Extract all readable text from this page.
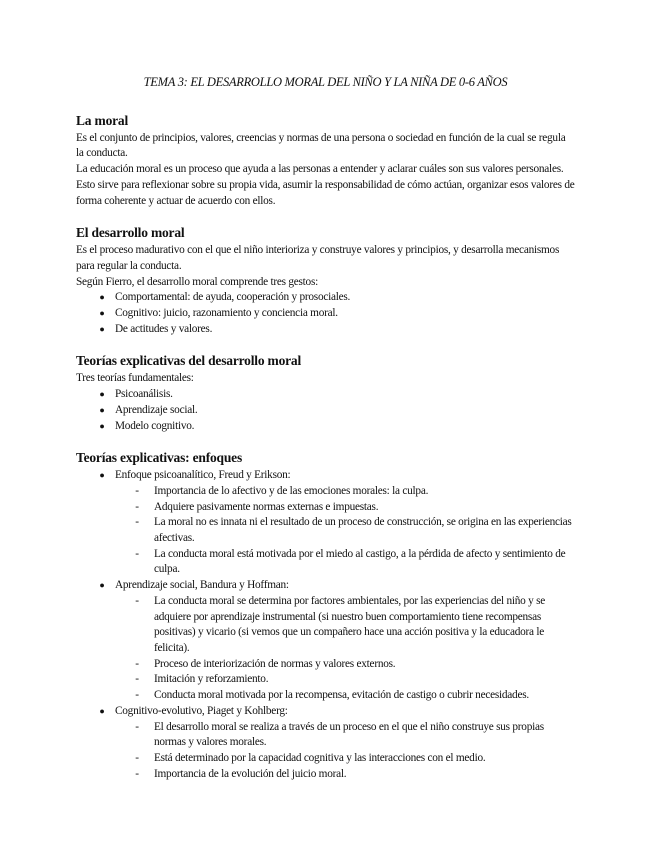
TEMA 3: EL DESARROLLO MORAL DEL NIÑO Y LA NIÑA DE 0-6 AÑOS

La moral

Es el conjunto de principios, valores, creencias y normas de una persona o sociedad en función de la cual se regula la conducta.

La educación moral es un proceso que ayuda a las personas a entender y aclarar cuáles son sus valores personales. Esto sirve para reflexionar sobre su propia vida, asumir la responsabilidad de cómo actúan, organizar esos valores de forma coherente y actuar de acuerdo con ellos.

El desarrollo moral

Es el proceso madurativo con el que el niño interioriza y construye valores y principios, y desarrolla mecanismos para regular la conducta.

Según Fierro, el desarrollo moral comprende tres gestos:

● Comportamental: de ayuda, cooperación y prosociales.
● Cognitivo: juicio, razonamiento y conciencia moral.
● De actitudes y valores.
Teorías explicativas del desarrollo moral

Tres teorías fundamentales:

● Psicoanálisis.
● Aprendizaje social.
● Modelo cognitivo.
Teorías explicativas: enfoques
● Enfoque psicoanalítico, Freud y Erikson:
- Importancia de lo afectivo y de las emociones morales: la culpa.
- Adquiere pasivamente normas externas e impuestas.
- La moral no es innata ni el resultado de un proceso de construcción, se origina en las experiencias afectivas.
- La conducta moral está motivada por el miedo al castigo, a la pérdida de afecto y sentimiento de culpa.
● Aprendizaje social, Bandura y Hoffman:
- La conducta moral se determina por factores ambientales, por las experiencias del niño y se adquiere por aprendizaje instrumental (si nuestro buen comportamiento tiene recompensas positivas) y vicario (si vemos que un compañero hace una acción positiva y la educadora le felicita).
- Proceso de interiorización de normas y valores externos.
- Imitación y reforzamiento.
- Conducta moral motivada por la recompensa, evitación de castigo o cubrir necesidades.
● Cognitivo-evolutivo, Piaget y Kohlberg:
- El desarrollo moral se realiza a través de un proceso en el que el niño construye sus propias normas y valores morales.
- Está determinado por la capacidad cognitiva y las interacciones con el medio.
- Importancia de la evolución del juicio moral.
